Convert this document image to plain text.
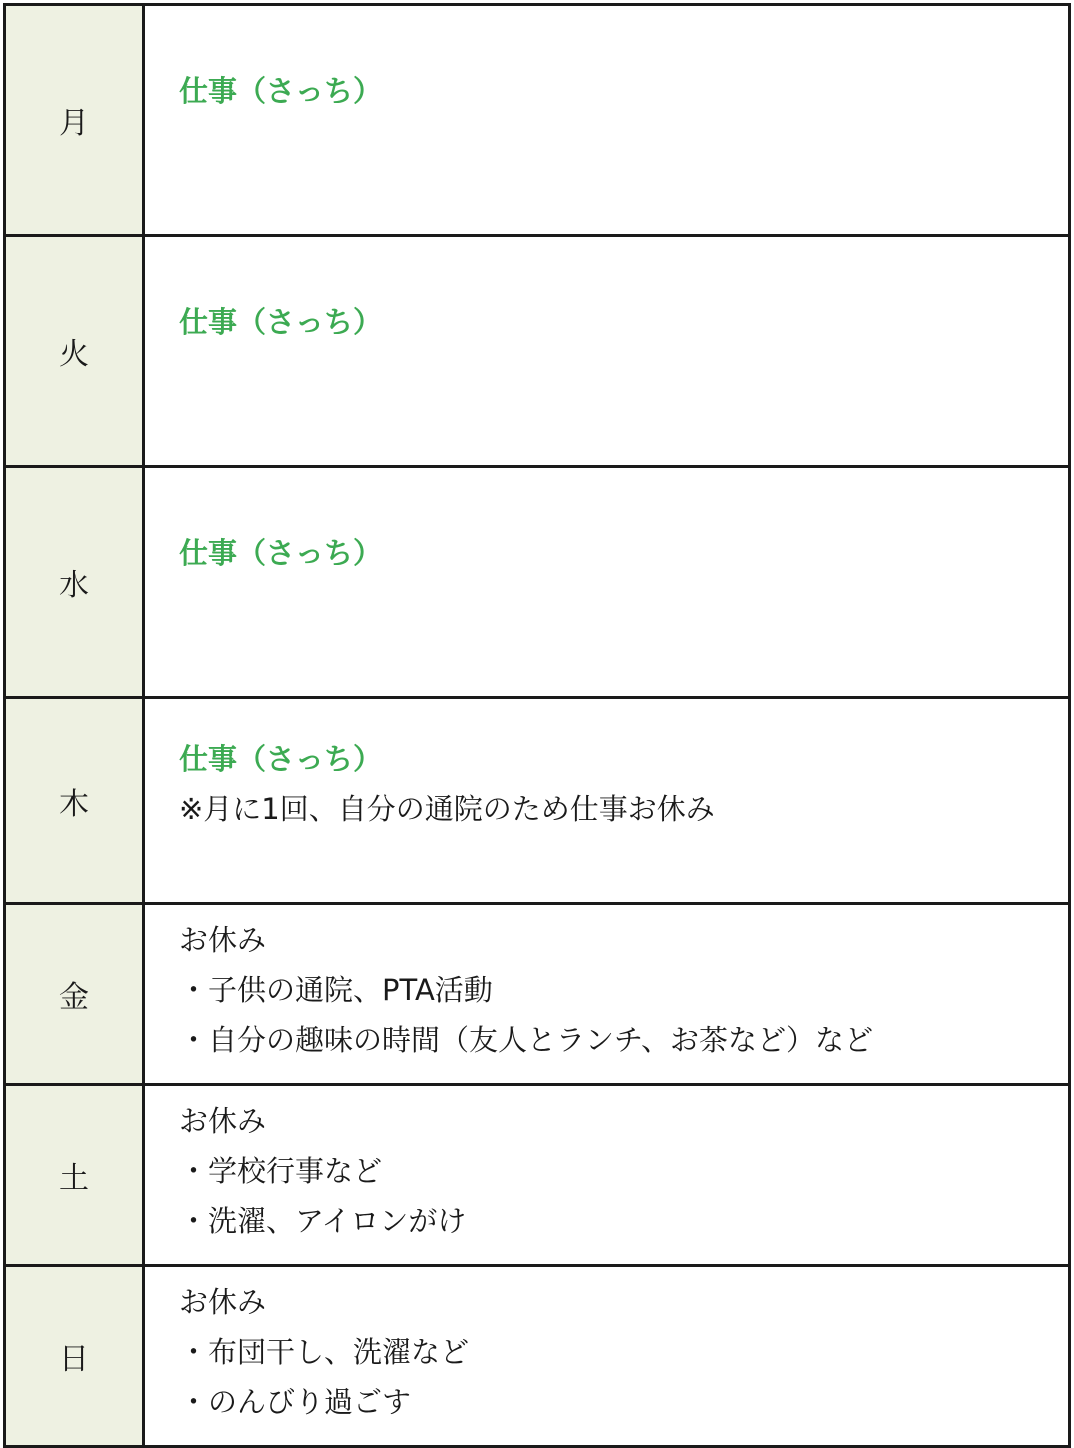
月	仕事（さっち）

火	仕事（さっち）

水	仕事（さっち）

木	仕事（さっち）
※月に1回、自分の通院のため仕事お休み

金	お休み
・子供の通院、PTA活動
・自分の趣味の時間（友人とランチ、お茶など）など

土	お休み
・学校行事など
・洗濯、アイロンがけ

日	お休み
・布団干し、洗濯など
・のんびり過ごす
